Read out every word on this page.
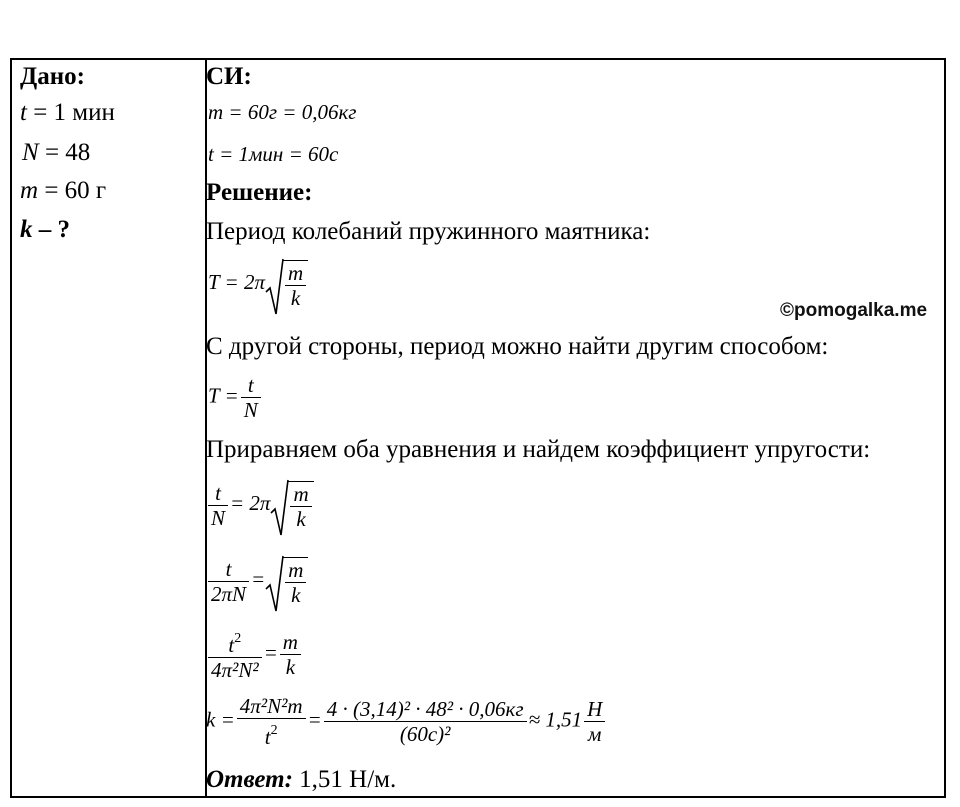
Дано:
t = 1 мин
N = 48
m = 60 г
k – ?
СИ:
m = 60г = 0,06кг
t = 1мин = 60с
Решение:
Период колебаний пружинного маятника:
$T = 2\pi \frac{m}{k}$
©pomogalka.me
С другой стороны, период можно найти другим способом:
$T = \frac{t}{N}$
Приравняем оба уравнения и найдем коэффициент упругости:
$\frac{t}{N} = 2\pi \frac{m}{k}$
$\frac{t}{2\pi N} = \frac{m}{k}$
$\frac{t^2}{\text{4π²N²}} = \frac{m}{k}$
$k = \frac{\text{4π²N²m}}{t^2} = \frac{\text{4 · (3,14)² · 48² · 0,06кг}}{\text{(60с)²}} \approx 1,51 \frac{Н}{м}$
Ответ: 1,51 Н/м.
